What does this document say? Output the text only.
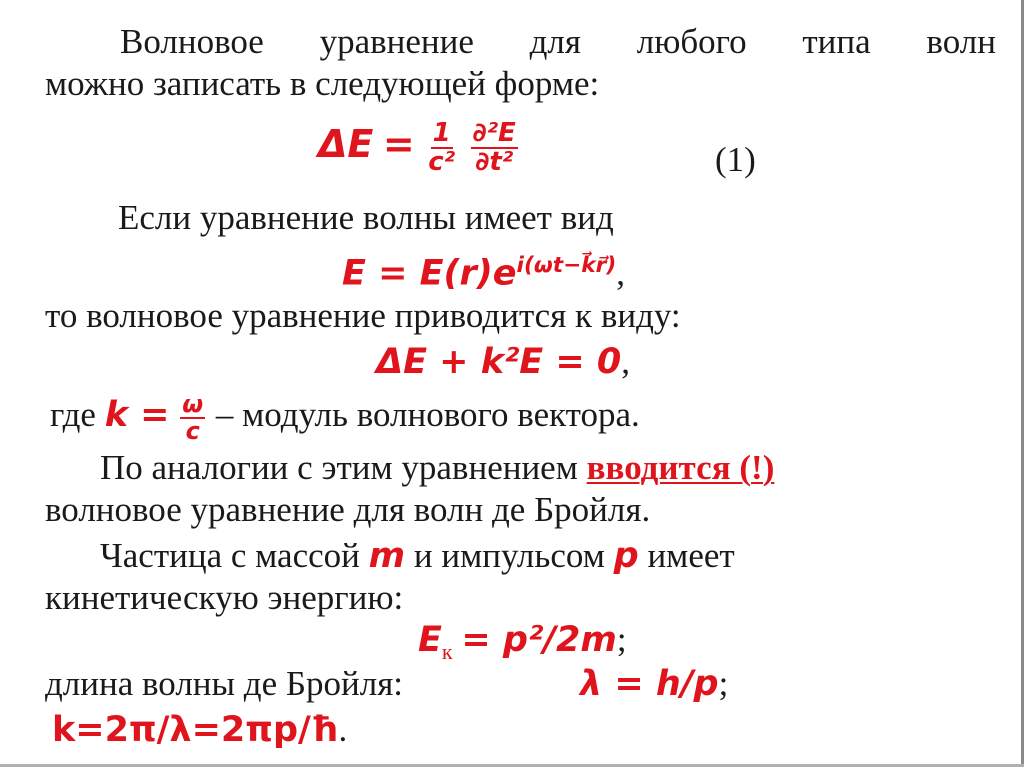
Волновое уравнение для любого типа волн
можно записать в следующей форме:
$\Delta E = \frac{1}{\text{c²}}$
$\frac{\text{∂²E}}{\text{∂t²}}$	(1)
Если уравнение волны имеет вид
$E = E(r)e^{i(\omega t-k⃗r⃗)}$,
то волновое уравнение приводится к виду:
ΔE + k²E = 0,
где $k = \frac{\omega}{c}$ – модуль волнового вектора.
По аналогии с этим уравнением вводится (!)
волновое уравнение для волн де Бройля.
Частица с массой m и импульсом p имеет
кинетическую энергию:
$E_к = p^2/2m$;
длина волны де Бройля:	λ = h/p;
k=2π/λ=2πp/ħ.
